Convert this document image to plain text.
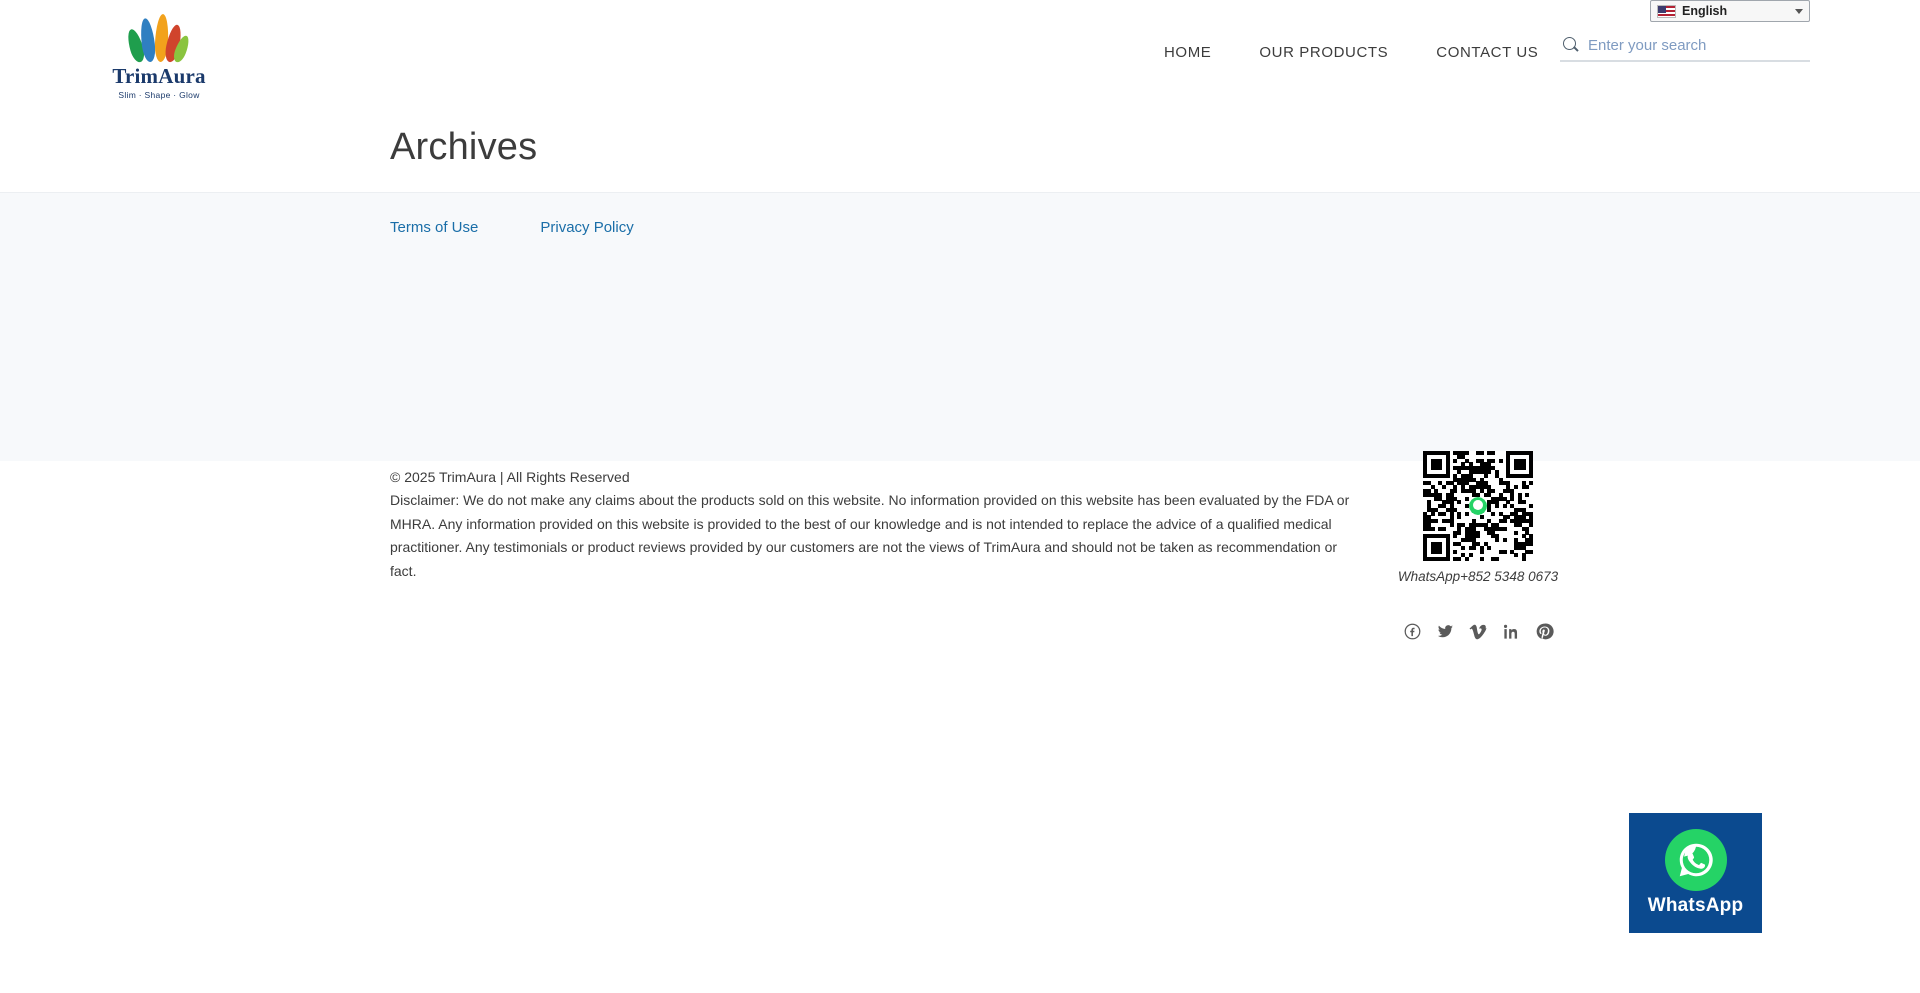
TrimAura
Slim · Shape · Glow
HOME	OUR PRODUCTS	CONTACT US
English
Enter your search
Archives
Terms of Use	Privacy Policy
© 2025 TrimAura | All Rights Reserved
Disclaimer: We do not make any claims about the products sold on this website. No information provided on this website has been evaluated by the FDA or MHRA. Any information provided on this website is provided to the best of our knowledge and is not intended to replace the advice of a qualified medical practitioner. Any testimonials or product reviews provided by our customers are not the views of TrimAura and should not be taken as recommendation or fact.	WhatsApp+852 5348 0673
WhatsApp
